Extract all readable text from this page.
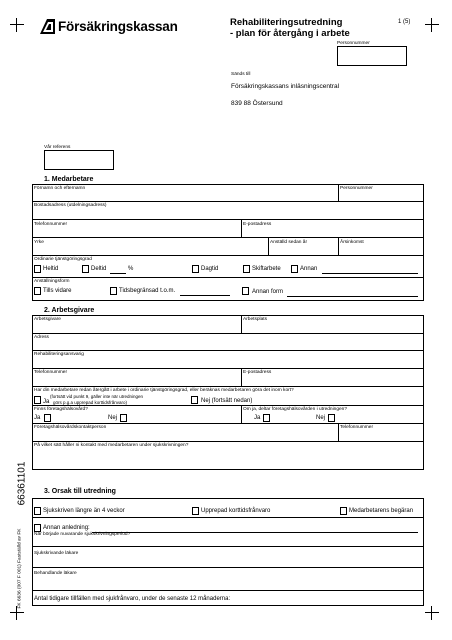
Försäkringskassan	Rehabiliteringsutredning
- plan för återgång i arbete
1 (5)
Personnummer
Sänds till
Försäkringskassans inläsningscentral
839 88 Östersund
Vår referens
1. Medarbetare
Förnamn och efternamn	Personnummer
Bostadsadress (utdelningsadress)
Telefonnummer	E-postadress
Yrke	Anställd sedan år	Årsinkomst
Ordinarie tjänstgöringsgrad
Heltid	Deltid	%	Dagtid	Skiftarbete	Annan
Anställningsform
Tills vidare	Tidsbegränsad t.o.m.	Annan form
2. Arbetsgivare
Arbetsgivare	Arbetsplats
Adress
Rehabiliteringsansvarig
Telefonnummer	E-postadress
Har din medarbetare redan återgått i arbete i ordinarie tjänstgöringsgrad, eller beräknas medarbetaren göra det inom kort?
(fortsätt vid punkt 9, gäller inte när utredningen
Ja görs p.g.a upprepad korttidsfrånvaro)	Nej (fortsätt nedan)
Finns företagshälsovård?	Om ja, deltar företagshälsovården i utredningen?
Ja	Nej	Ja	Nej
Företagshälsovårdskontaktperson	Telefonnummer
På vilket sätt håller ni kontakt med medarbetaren under sjukskrivningen?
66361101
FK 6636 (007 F 001) Fastställd av FK
3. Orsak till utredning
Sjukskriven längre än 4 veckor	Upprepad korttidsfrånvaro	Medarbetarens begäran
Annan anledning:
När började nuvarande sjukskrivningsperiod?
Sjukskrivande läkare
Behandlande läkare
Antal tidigare tillfällen med sjukfrånvaro, under de senaste 12 månaderna:
